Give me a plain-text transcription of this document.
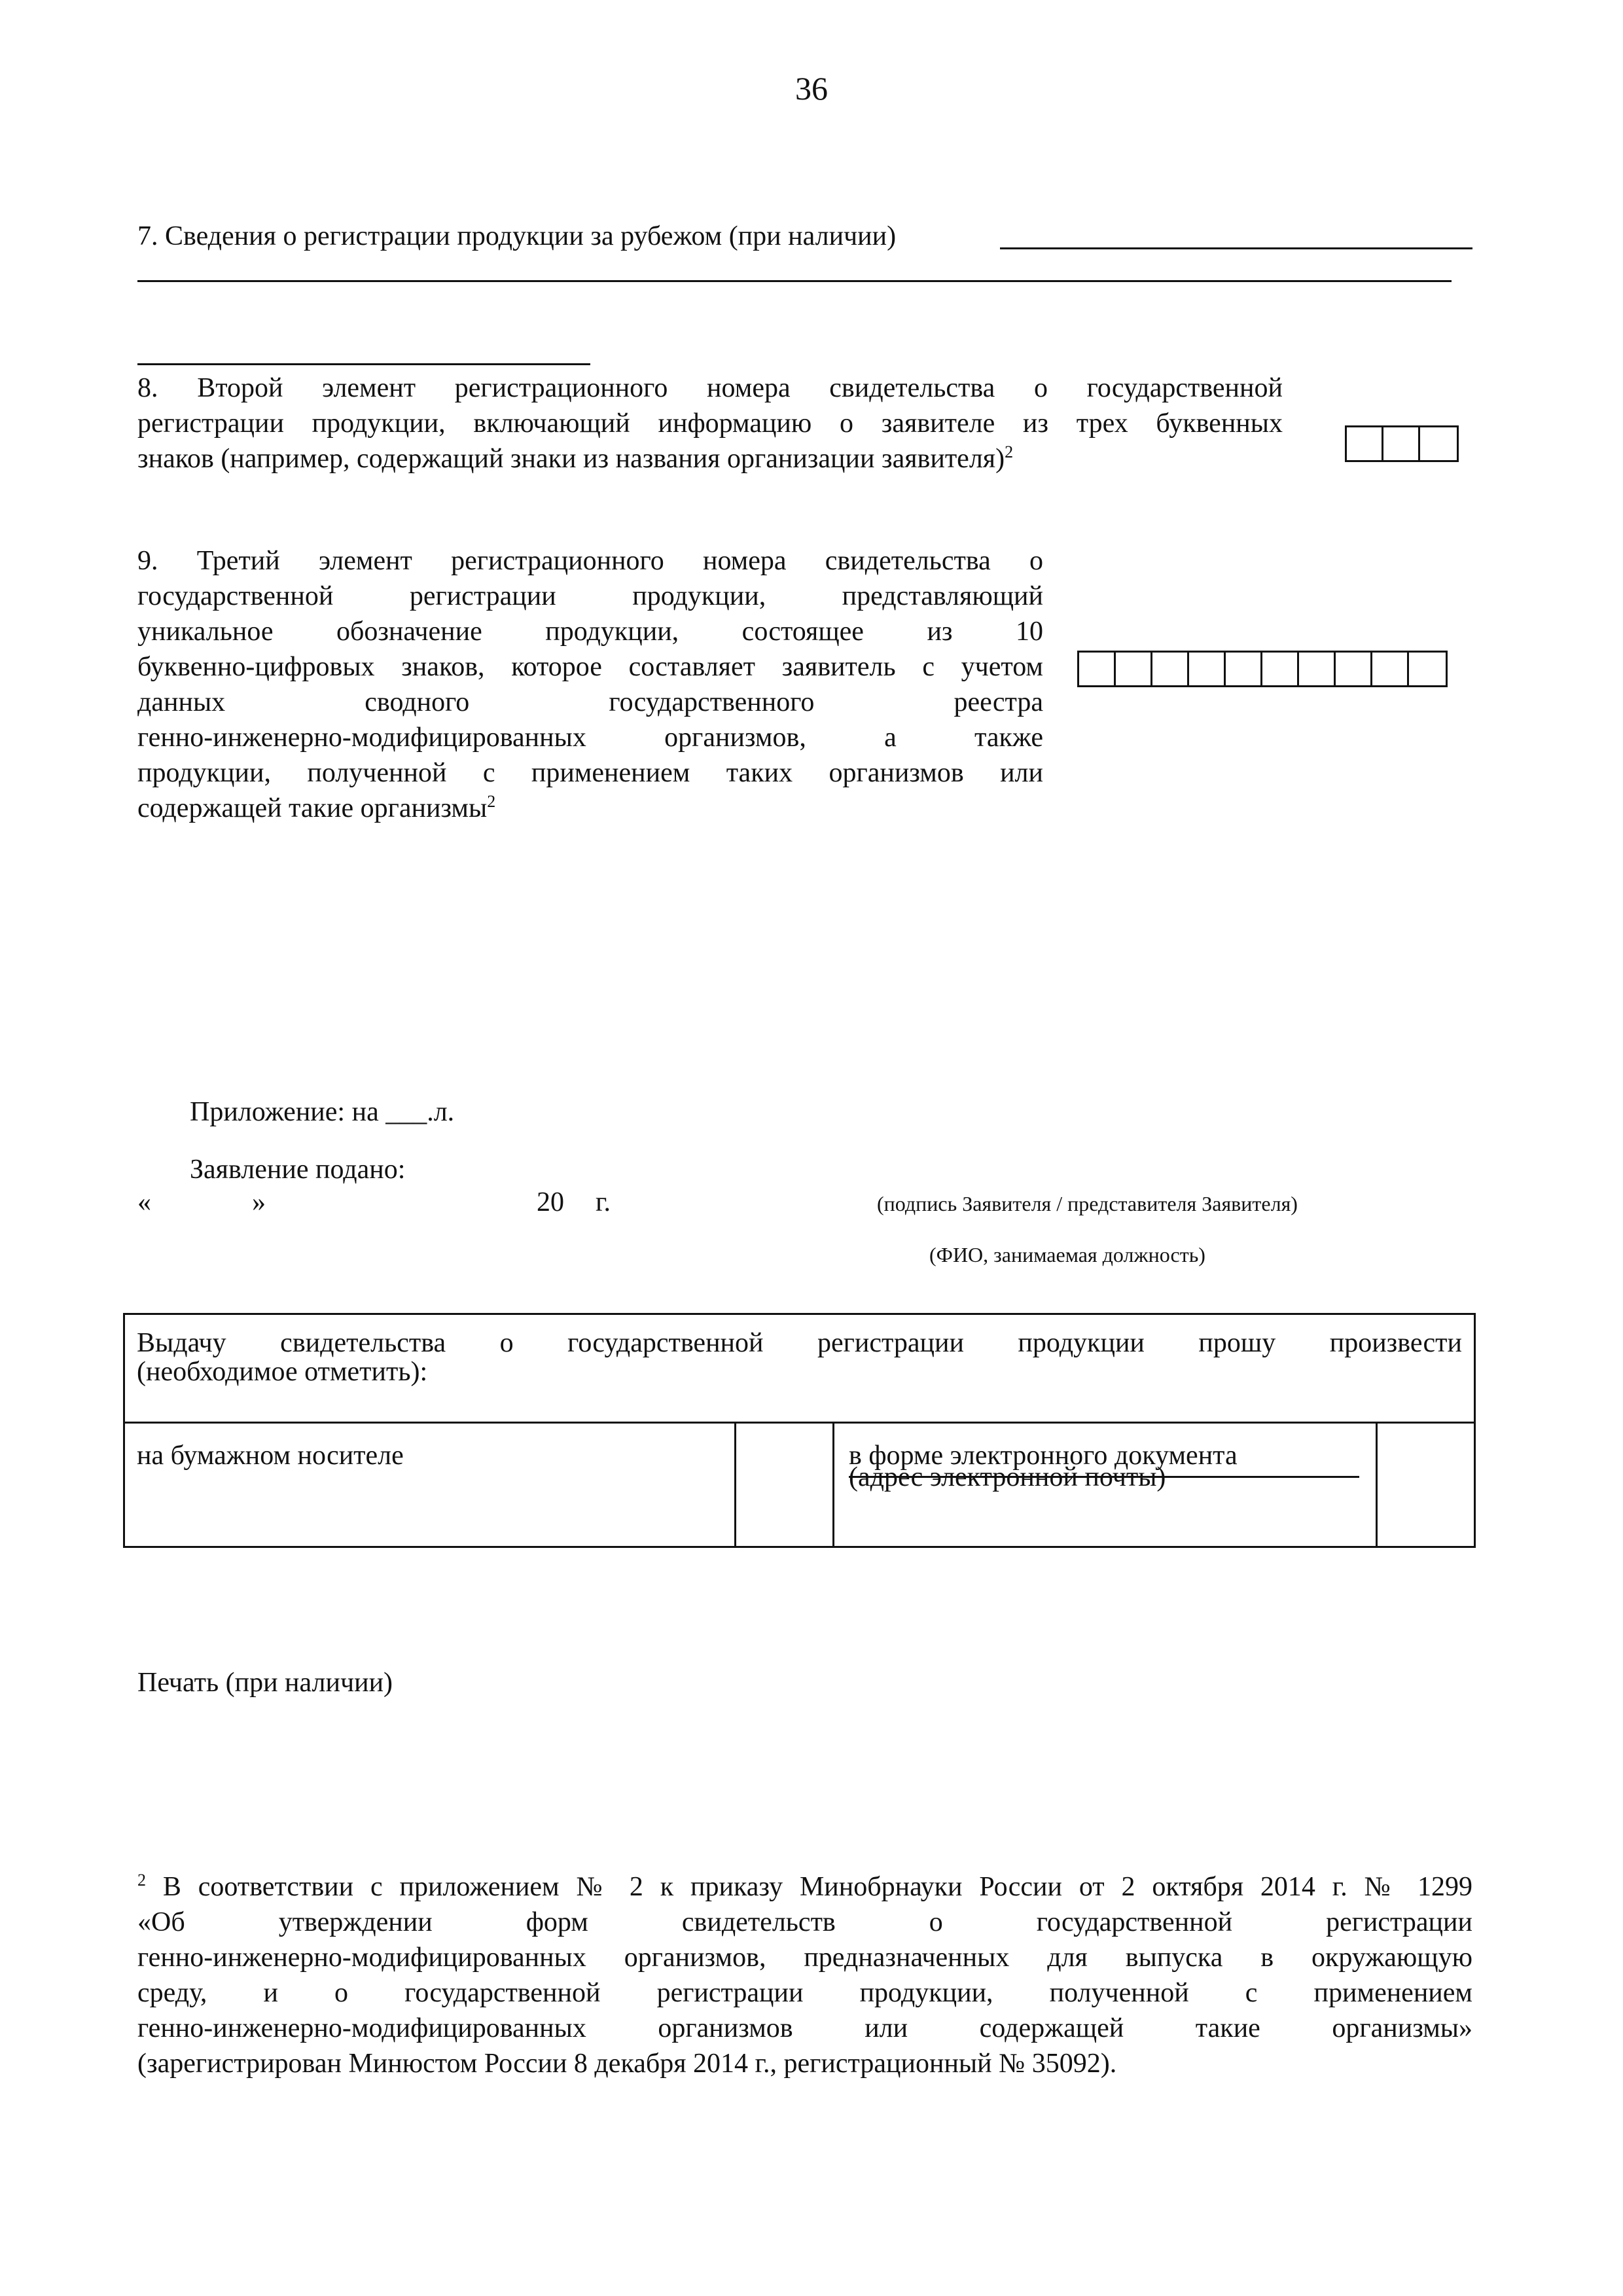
36
7. Сведения о регистрации продукции за рубежом (при наличии)
8. Второй элемент регистрационного номера свидетельства о государственной
регистрации продукции, включающий информацию о заявителе из трех буквенных
знаков (например, содержащий знаки из названия организации заявителя)$^2$
9. Третий элемент регистрационного номера свидетельства о
государственной регистрации продукции, представляющий
уникальное обозначение продукции, состоящее из 10
буквенно-цифровых знаков, которое составляет заявитель с учетом
данных сводного государственного реестра
генно-инженерно-модифицированных организмов, а также
продукции, полученной с применением таких организмов или
содержащей такие организмы$^2$
Приложение: на ___.л.
Заявление подано:
«	»	20 г.	(подпись Заявителя / представителя Заявителя)
(ФИО, занимаемая должность)
Выдачу свидетельства о государственной регистрации продукции прошу произвести
(необходимое отметить):

на бумажном носителе		в форме электронного документа
(адрес электронной почты)

Печать (при наличии)
$^2$ В соответствии с приложением № 2 к приказу Минобрнауки России от 2 октября 2014 г. № 1299
«Об утверждении форм свидетельств о государственной регистрации
генно-инженерно-модифицированных организмов, предназначенных для выпуска в окружающую
среду, и о государственной регистрации продукции, полученной с применением
генно-инженерно-модифицированных организмов или содержащей такие организмы»
(зарегистрирован Минюстом России 8 декабря 2014 г., регистрационный № 35092).
